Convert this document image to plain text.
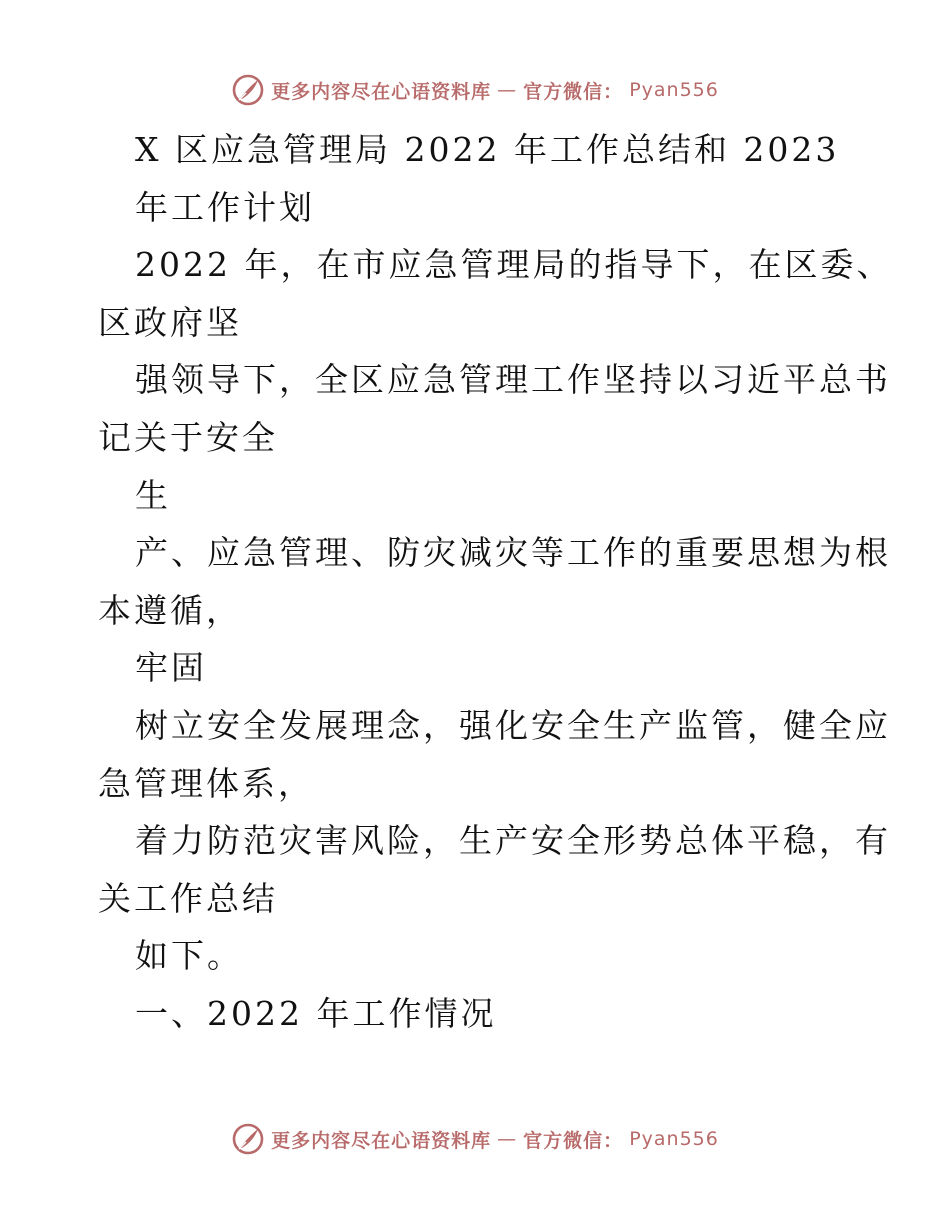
更多内容尽在心语资料库 — 官方微信： Pyan556
X 区应急管理局 2022 年工作总结和 2023
年工作计划
2022 年，在市应急管理局的指导下，在区委、
区政府坚
强领导下，全区应急管理工作坚持以习近平总书
记关于安全
生
产、应急管理、防灾减灾等工作的重要思想为根
本遵循，
牢固
树立安全发展理念，强化安全生产监管，健全应
急管理体系，
着力防范灾害风险，生产安全形势总体平稳，有
关工作总结
如下。
一、2022 年工作情况
更多内容尽在心语资料库 — 官方微信： Pyan556
